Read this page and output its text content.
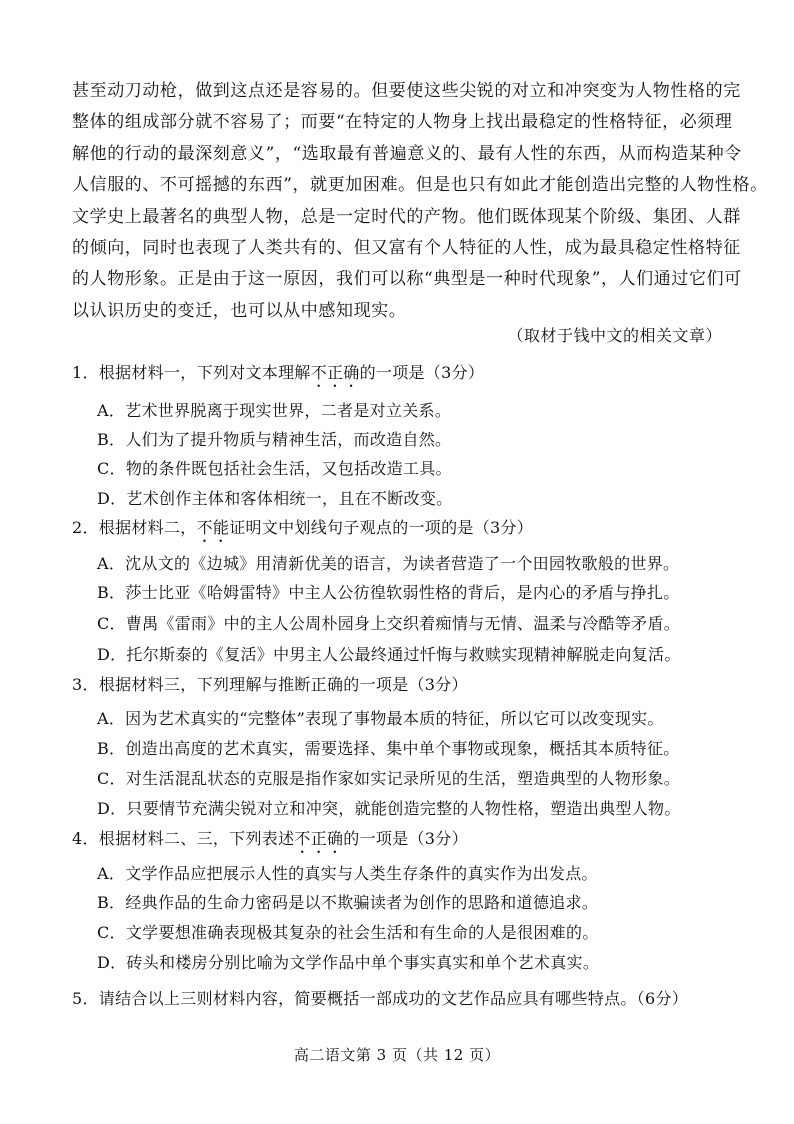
甚至动刀动枪，做到这点还是容易的。但要使这些尖锐的对立和冲突变为人物性格的完
整体的组成部分就不容易了；而要“在特定的人物身上找出最稳定的性格特征，必须理
解他的行动的最深刻意义”，“选取最有普遍意义的、最有人性的东西，从而构造某种令
人信服的、不可摇撼的东西”，就更加困难。但是也只有如此才能创造出完整的人物性格。
文学史上最著名的典型人物，总是一定时代的产物。他们既体现某个阶级、集团、人群
的倾向，同时也表现了人类共有的、但又富有个人特征的人性，成为最具稳定性格特征
的人物形象。正是由于这一原因，我们可以称“典型是一种时代现象”，人们通过它们可
以认识历史的变迁，也可以从中感知现实。
（取材于钱中文的相关文章）
1．根据材料一，下列对文本理解不正确的一项是（3分）
A．艺术世界脱离于现实世界，二者是对立关系。
B．人们为了提升物质与精神生活，而改造自然。
C．物的条件既包括社会生活，又包括改造工具。
D．艺术创作主体和客体相统一，且在不断改变。
2．根据材料二，不能证明文中划线句子观点的一项的是（3分）
A．沈从文的《边城》用清新优美的语言，为读者营造了一个田园牧歌般的世界。
B．莎士比亚《哈姆雷特》中主人公彷徨软弱性格的背后，是内心的矛盾与挣扎。
C．曹禺《雷雨》中的主人公周朴园身上交织着痴情与无情、温柔与冷酷等矛盾。
D．托尔斯泰的《复活》中男主人公最终通过忏悔与救赎实现精神解脱走向复活。
3．根据材料三，下列理解与推断正确的一项是（3分）
A．因为艺术真实的“完整体”表现了事物最本质的特征，所以它可以改变现实。
B．创造出高度的艺术真实，需要选择、集中单个事物或现象，概括其本质特征。
C．对生活混乱状态的克服是指作家如实记录所见的生活，塑造典型的人物形象。
D．只要情节充满尖锐对立和冲突，就能创造完整的人物性格，塑造出典型人物。
4．根据材料二、三，下列表述不正确的一项是（3分）
A．文学作品应把展示人性的真实与人类生存条件的真实作为出发点。
B．经典作品的生命力密码是以不欺骗读者为创作的思路和道德追求。
C．文学要想准确表现极其复杂的社会生活和有生命的人是很困难的。
D．砖头和楼房分别比喻为文学作品中单个事实真实和单个艺术真实。
5．请结合以上三则材料内容，简要概括一部成功的文艺作品应具有哪些特点。（6分）
高二语文第 3 页（共 12 页）
